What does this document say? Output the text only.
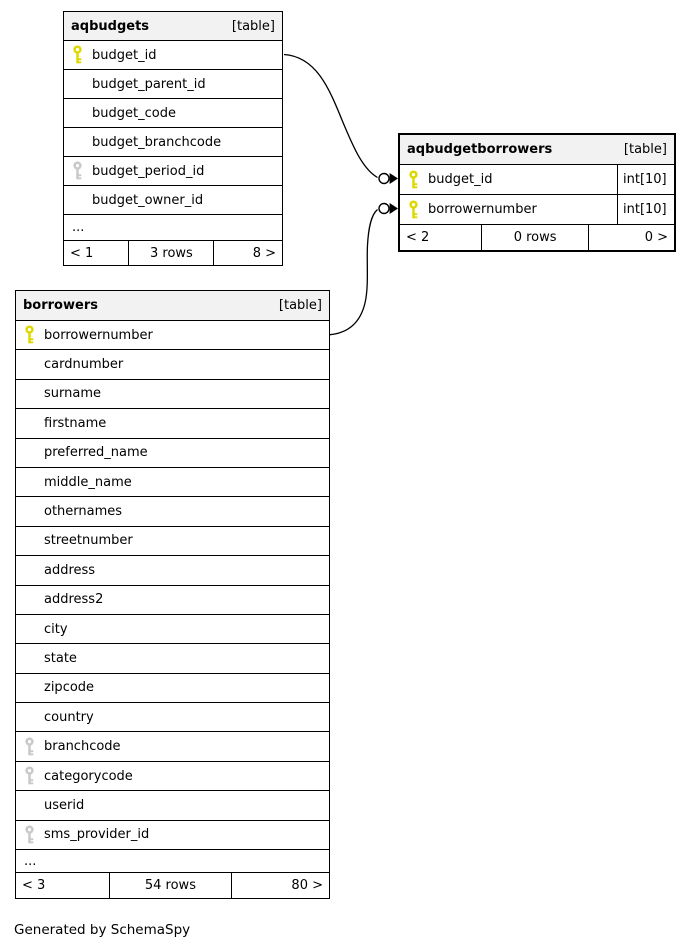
aqbudgets	[table]
budget_id
budget_parent_id
budget_code
budget_branchcode
budget_period_id
budget_owner_id
...
< 1	3 rows	8 >
aqbudgetborrowers	[table]
budget_id	int[10]
borrowernumber	int[10]
< 2	0 rows	0 >
borrowers	[table]
borrowernumber
cardnumber
surname
firstname
preferred_name
middle_name
othernames
streetnumber
address
address2
city
state
zipcode
country
branchcode
categorycode
userid
sms_provider_id
...
< 3	54 rows	80 >
Generated by SchemaSpy
